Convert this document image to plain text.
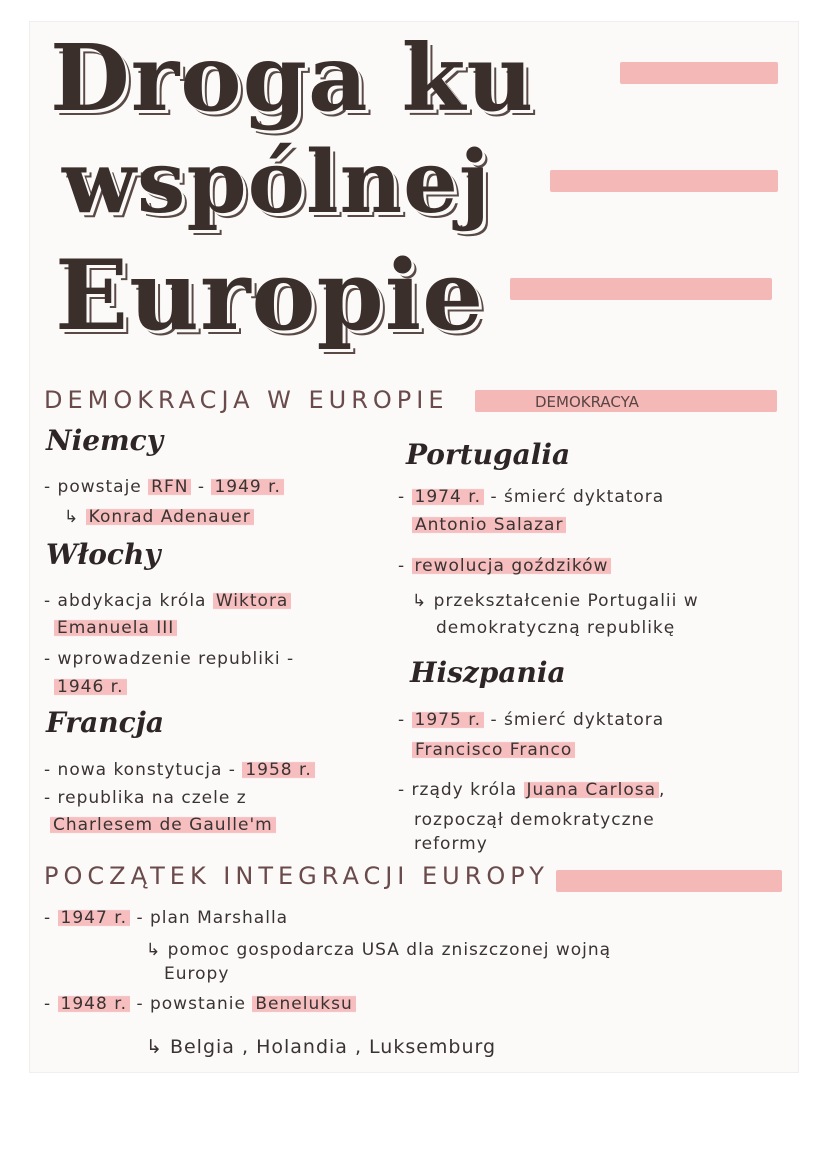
Droga ku
wspólnej
Europie
DEMOKRACJA W EUROPIE	DEMOKRACYA
Niemcy
- powstaje RFN - 1949 r.
↳ Konrad Adenauer
Włochy
- abdykacja króla Wiktora
Emanuela III
- wprowadzenie republiki -
1946 r.
Francja
- nowa konstytucja - 1958 r.
- republika na czele z
Charlesem de Gaulle'm
Portugalia
- 1974 r. - śmierć dyktatora
Antonio Salazar
- rewolucja goździków
↳ przekształcenie Portugalii w
demokratyczną republikę
Hiszpania
- 1975 r. - śmierć dyktatora
Francisco Franco
- rządy króla Juana Carlosa ,
rozpoczął demokratyczne
reformy
POCZĄTEK INTEGRACJI EUROPY
- 1947 r. - plan Marshalla
↳ pomoc gospodarcza USA dla zniszczonej wojną
Europy
- 1948 r. - powstanie Beneluksu
↳ Belgia , Holandia , Luksemburg
